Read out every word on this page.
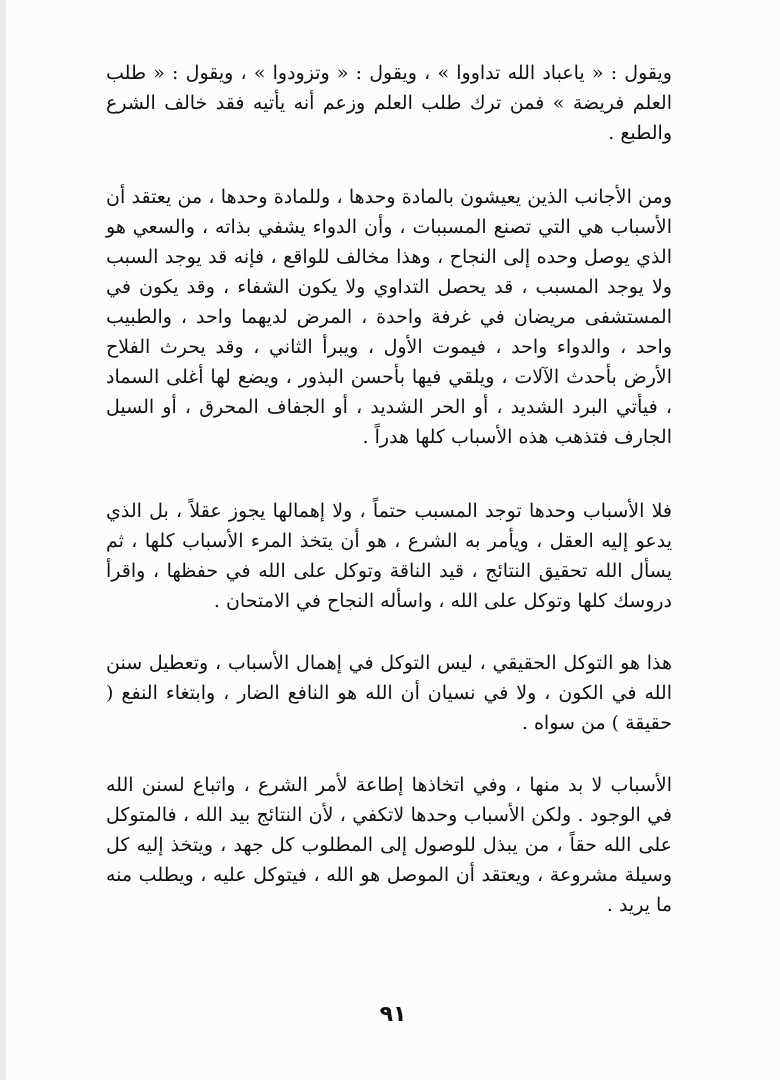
ويقول : « ياعباد الله تداووا » ، ويقول : « وتزودوا » ، ويقول : « طلب العلم فريضة » فمن ترك طلب العلم وزعم أنه يأتيه فقد خالف الشرع والطبع .

ومن الأجانب الذين يعيشون بالمادة وحدها ، وللمادة وحدها ، من يعتقد أن الأسباب هي التي تصنع المسببات ، وأن الدواء يشفي بذاته ، والسعي هو الذي يوصل وحده إلى النجاح ، وهذا مخالف للواقع ، فإنه قد يوجد السبب ولا يوجد المسبب ، قد يحصل التداوي ولا يكون الشفاء ، وقد يكون في المستشفى مريضان في غرفة واحدة ، المرض لديهما واحد ، والطبيب واحد ، والدواء واحد ، فيموت الأول ، ويبرأ الثاني ، وقد يحرث الفلاح الأرض بأحدث الآلات ، ويلقي فيها بأحسن البذور ، ويضع لها أغلى السماد ، فيأتي البرد الشديد ، أو الحر الشديد ، أو الجفاف المحرق ، أو السيل الجارف فتذهب هذه الأسباب كلها هدراً .

فلا الأسباب وحدها توجد المسبب حتماً ، ولا إهمالها يجوز عقلاً ، بل الذي يدعو إليه العقل ، ويأمر به الشرع ، هو أن يتخذ المرء الأسباب كلها ، ثم يسأل الله تحقيق النتائج ، قيد الناقة وتوكل على الله في حفظها ، واقرأ دروسك كلها وتوكل على الله ، واسأله النجاح في الامتحان .

هذا هو التوكل الحقيقي ، ليس التوكل في إهمال الأسباب ، وتعطيل سنن الله في الكون ، ولا في نسيان أن الله هو النافع الضار ، وابتغاء النفع ( حقيقة ) من سواه .

الأسباب لا بد منها ، وفي اتخاذها إطاعة لأمر الشرع ، واتباع لسنن الله في الوجود . ولكن الأسباب وحدها لاتكفي ، لأن النتائج بيد الله ، فالمتوكل على الله حقاً ، من يبذل للوصول إلى المطلوب كل جهد ، ويتخذ إليه كل وسيلة مشروعة ، ويعتقد أن الموصل هو الله ، فيتوكل عليه ، ويطلب منه ما يريد .

٩١
